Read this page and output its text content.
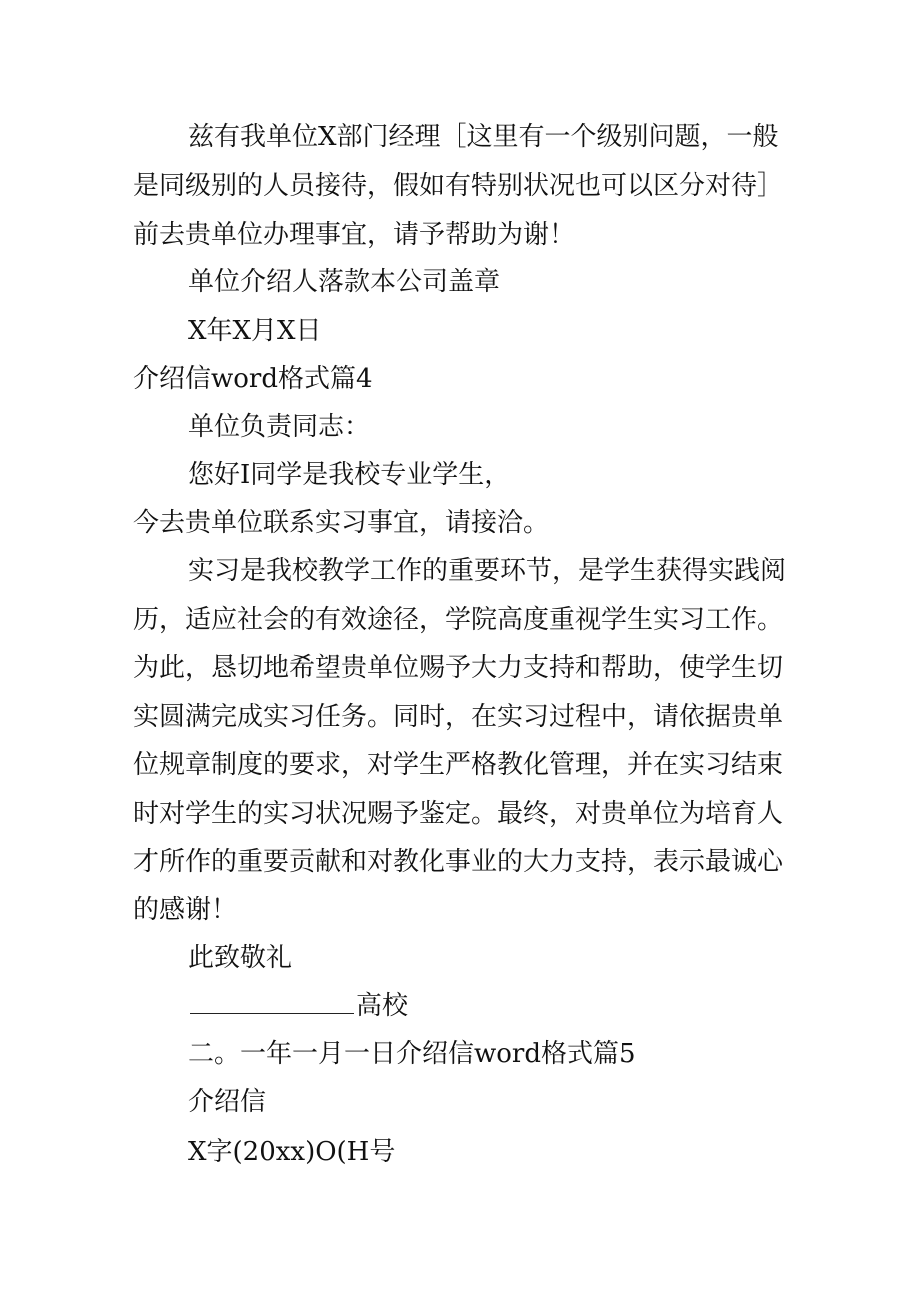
兹有我单位X部门经理［这里有一个级别问题，一般

是同级别的人员接待，假如有特别状况也可以区分对待］

前去贵单位办理事宜，请予帮助为谢！

单位介绍人落款本公司盖章

X年X月X日

介绍信word格式篇4

单位负责同志：

您好I同学是我校专业学生，

今去贵单位联系实习事宜，请接洽。

实习是我校教学工作的重要环节，是学生获得实践阅

历，适应社会的有效途径，学院高度重视学生实习工作。

为此，恳切地希望贵单位赐予大力支持和帮助，使学生切

实圆满完成实习任务。同时，在实习过程中，请依据贵单

位规章制度的要求，对学生严格教化管理，并在实习结束

时对学生的实习状况赐予鉴定。最终，对贵单位为培育人

才所作的重要贡献和对教化事业的大力支持，表示最诚心

的感谢！

此致敬礼

高校

二。一年一月一日介绍信word格式篇5

介绍信

X字(20xx)O(H号
